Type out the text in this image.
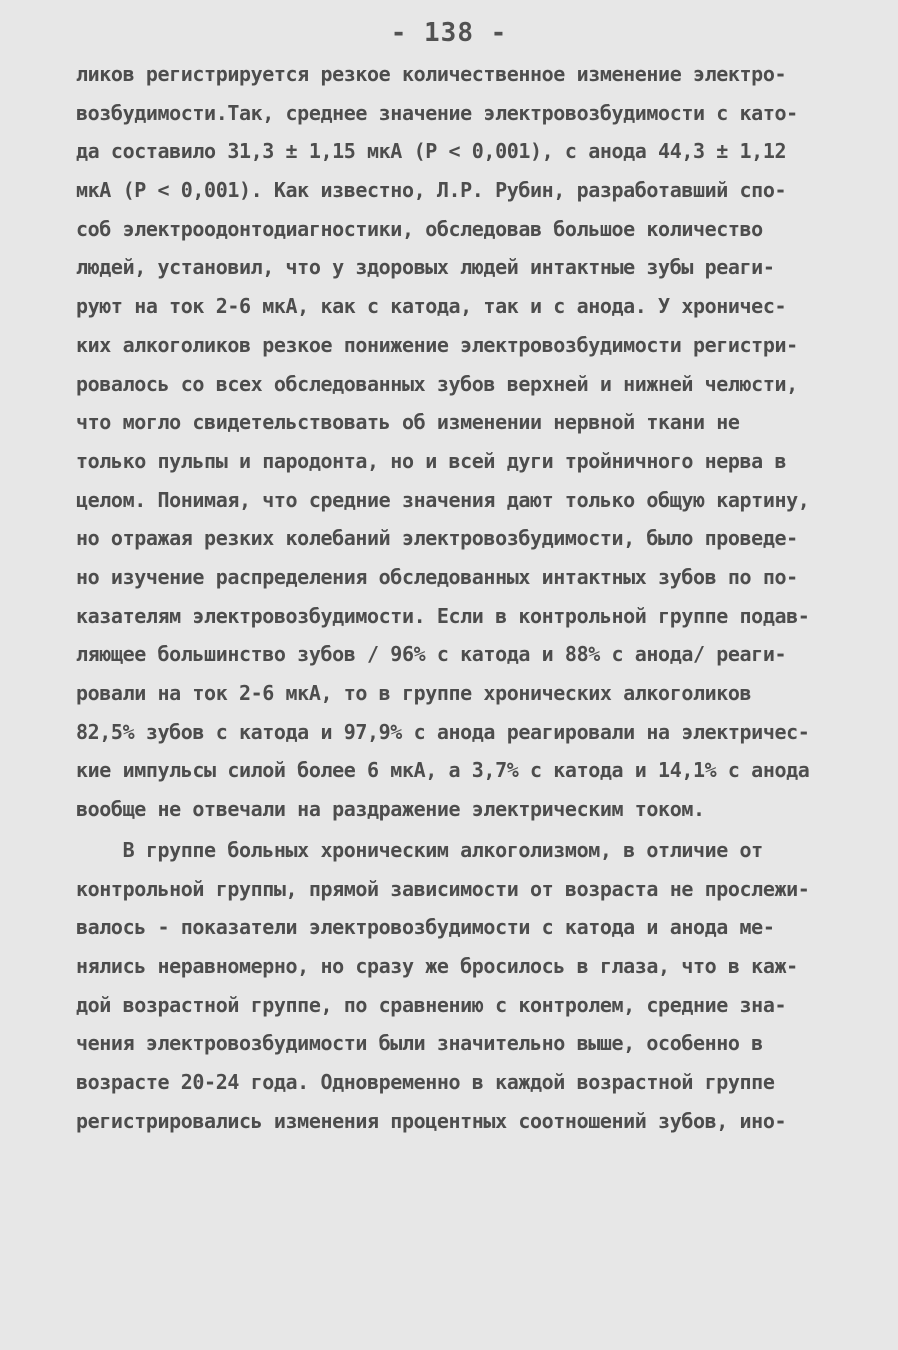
- 138 -
ликов регистрируется резкое количественное изменение электро-
возбудимости.Так, среднее значение электровозбудимости с като-
да составило 31,3 ± 1,15 мкА (P < 0,001), с анода 44,3 ± 1,12
мкА (P < 0,001). Как известно, Л.Р. Рубин, разработавший спо-
соб электроодонтодиагностики, обследовав большое количество
людей, установил, что у здоровых людей интактные зубы реаги-
руют на ток 2-6 мкА, как с катода, так и с анода. У хроничес-
ких алкоголиков резкое понижение электровозбудимости регистри-
ровалось со всех обследованных зубов верхней и нижней челюсти,
что могло свидетельствовать об изменении нервной ткани не
только пульпы и пародонта, но и всей дуги тройничного нерва в
целом. Понимая, что средние значения дают только общую картину,
но отражая резких колебаний электровозбудимости, было проведе-
но изучение распределения обследованных интактных зубов по по-
казателям электровозбудимости. Если в контрольной группе подав-
ляющее большинство зубов / 96% с катода и 88% с анода/ реаги-
ровали на ток 2-6 мкА, то в группе хронических алкоголиков
82,5% зубов с катода и 97,9% с анода реагировали на электричес-
кие импульсы силой более 6 мкА, а 3,7% с катода и 14,1% с анода
вообще не отвечали на раздражение электрическим током.
В группе больных хроническим алкоголизмом, в отличие от
контрольной группы, прямой зависимости от возраста не прослежи-
валось - показатели электровозбудимости с катода и анода ме-
нялись неравномерно, но сразу же бросилось в глаза, что в каж-
дой возрастной группе, по сравнению с контролем, средние зна-
чения электровозбудимости были значительно выше, особенно в
возрасте 20-24 года. Одновременно в каждой возрастной группе
регистрировались изменения процентных соотношений зубов, ино-
